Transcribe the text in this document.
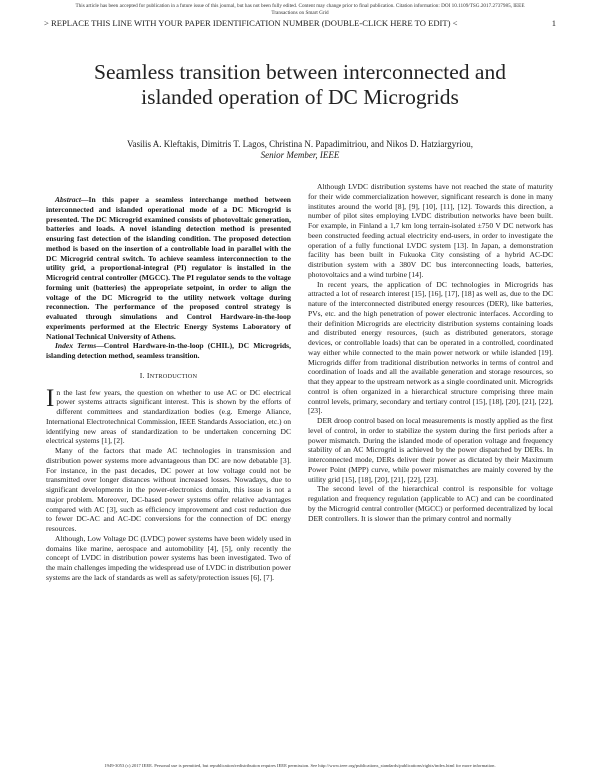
This article has been accepted for publication in a future issue of this journal, but has not been fully edited. Content may change prior to final publication. Citation information: DOI 10.1109/TSG.2017.2737985, IEEE
Transactions on Smart Grid
> REPLACE THIS LINE WITH YOUR PAPER IDENTIFICATION NUMBER (DOUBLE-CLICK HERE TO EDIT) <	1
Seamless transition between interconnected and
islanded operation of DC Microgrids
Vasilis A. Kleftakis, Dimitris T. Lagos, Christina N. Papadimitriou, and Nikos D. Hatziargyriou,
Senior Member, IEEE

Abstract—In this paper a seamless interchange method between interconnected and islanded operational mode of a DC Microgrid is presented. The DC Microgrid examined consists of photovoltaic generation, batteries and loads. A novel islanding detection method is presented ensuring fast detection of the islanding condition. The proposed detection method is based on the insertion of a controllable load in parallel with the DC Microgrid central switch. To achieve seamless interconnection to the utility grid, a proportional-integral (PI) regulator is installed in the Microgrid central controller (MGCC). The PI regulator sends to the voltage forming unit (batteries) the appropriate setpoint, in order to align the voltage of the DC Microgrid to the utility network voltage during reconnection. The performance of the proposed control strategy is evaluated through simulations and Control Hardware-in-the-loop experiments performed at the Electric Energy Systems Laboratory of National Technical University of Athens.

Index Terms—Control Hardware-in-the-loop (CHIL), DC Microgrids, islanding detection method, seamless transition.

I. INTRODUCTION

In the last few years, the question on whether to use AC or DC electrical power systems attracts significant interest. This is shown by the efforts of different committees and standardization bodies (e.g. Emerge Aliance, International Electrotechnical Commission, IEEE Standards Association, etc.) on identifying new areas of standardization to be undertaken concerning DC electrical systems [1], [2].

Many of the factors that made AC technologies in transmission and distribution power systems more advantageous than DC are now debatable [3]. For instance, in the past decades, DC power at low voltage could not be transmitted over longer distances without increased losses. Nowadays, due to significant developments in the power-electronics domain, this issue is not a major problem. Moreover, DC-based power systems offer relative advantages compared with AC [3], such as efficiency improvement and cost reduction due to fewer DC-AC and AC-DC conversions for the connection of DC energy resources.

Although, Low Voltage DC (LVDC) power systems have been widely used in domains like marine, aerospace and automobility [4], [5], only recently the concept of LVDC in distribution power systems has been investigated. Two of the main challenges impeding the widespread use of LVDC in distribution power systems are the lack of standards as well as safety/protection issues [6], [7].

Although LVDC distribution systems have not reached the state of maturity for their wide commercialization however, significant research is done in many institutes around the world [8], [9], [10], [11], [12]. Towards this direction, a number of pilot sites employing LVDC distribution networks have been built. For example, in Finland a 1,7 km long terrain-isolated ±750 V DC network has been constructed feeding actual electricity end-users, in order to investigate the operation of a fully functional LVDC system [13]. In Japan, a demonstration facility has been built in Fukuoka City consisting of a hybrid AC-DC distribution system with a 380V DC bus interconnecting loads, batteries, photovoltaics and a wind turbine [14].

In recent years, the application of DC technologies in Microgrids has attracted a lot of research interest [15], [16], [17], [18] as well as, due to the DC nature of the interconnected distributed energy resources (DER), like batteries, PVs, etc. and the high penetration of power electronic interfaces. According to their definition Microgrids are electricity distribution systems containing loads and distributed energy resources, (such as distributed generators, storage devices, or controllable loads) that can be operated in a controlled, coordinated way either while connected to the main power network or while islanded [19]. Microgrids differ from traditional distribution networks in terms of control and coordination of loads and all the available generation and storage resources, so that they appear to the upstream network as a single coordinated unit. Microgrids control is often organized in a hierarchical structure comprising three main control levels, primary, secondary and tertiary control [15], [18], [20], [21], [22], [23].

DER droop control based on local measurements is mostly applied as the first level of control, in order to stabilize the system during the first periods after a power mismatch. During the islanded mode of operation voltage and frequency stability of an AC Microgrid is achieved by the power dispatched by DERs. In interconnected mode, DERs deliver their power as dictated by their Maximum Power Point (MPP) curve, while power mismatches are mainly covered by the utility grid [15], [18], [20], [21], [22], [23].

The second level of the hierarchical control is responsible for voltage regulation and frequency regulation (applicable to AC) and can be coordinated by the Microgrid central controller (MGCC) or performed decentralized by local DER controllers. It is slower than the primary control and normally

1949-3053 (c) 2017 IEEE. Personal use is permitted, but republication/redistribution requires IEEE permission. See http://www.ieee.org/publications_standards/publications/rights/index.html for more information.
